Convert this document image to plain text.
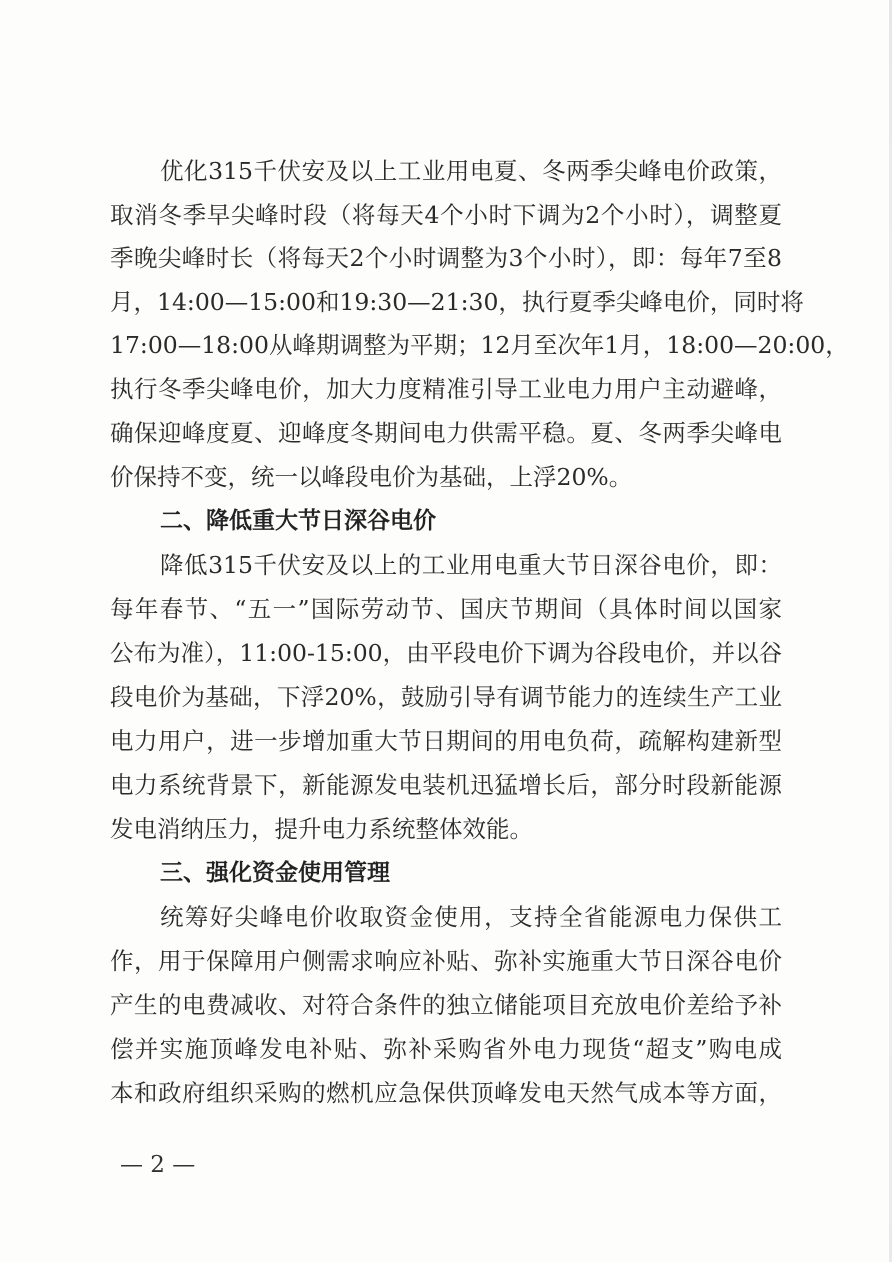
优化315千伏安及以上工业用电夏、冬两季尖峰电价政策，
取消冬季早尖峰时段（将每天4个小时下调为2个小时），调整夏
季晚尖峰时长（将每天2个小时调整为3个小时），即：每年7至8
月，14:00—15:00和19:30—21:30，执行夏季尖峰电价，同时将
17:00—18:00从峰期调整为平期；12月至次年1月，18:00—20:00，
执行冬季尖峰电价，加大力度精准引导工业电力用户主动避峰，
确保迎峰度夏、迎峰度冬期间电力供需平稳。夏、冬两季尖峰电
价保持不变，统一以峰段电价为基础，上浮20%。
二、降低重大节日深谷电价
降低315千伏安及以上的工业用电重大节日深谷电价，即：
每年春节、“五一”国际劳动节、国庆节期间（具体时间以国家
公布为准），11:00-15:00，由平段电价下调为谷段电价，并以谷
段电价为基础，下浮20%，鼓励引导有调节能力的连续生产工业
电力用户，进一步增加重大节日期间的用电负荷，疏解构建新型
电力系统背景下，新能源发电装机迅猛增长后，部分时段新能源
发电消纳压力，提升电力系统整体效能。
三、强化资金使用管理
统筹好尖峰电价收取资金使用，支持全省能源电力保供工
作，用于保障用户侧需求响应补贴、弥补实施重大节日深谷电价
产生的电费减收、对符合条件的独立储能项目充放电价差给予补
偿并实施顶峰发电补贴、弥补采购省外电力现货“超支”购电成
本和政府组织采购的燃机应急保供顶峰发电天然气成本等方面，
— 2 —
